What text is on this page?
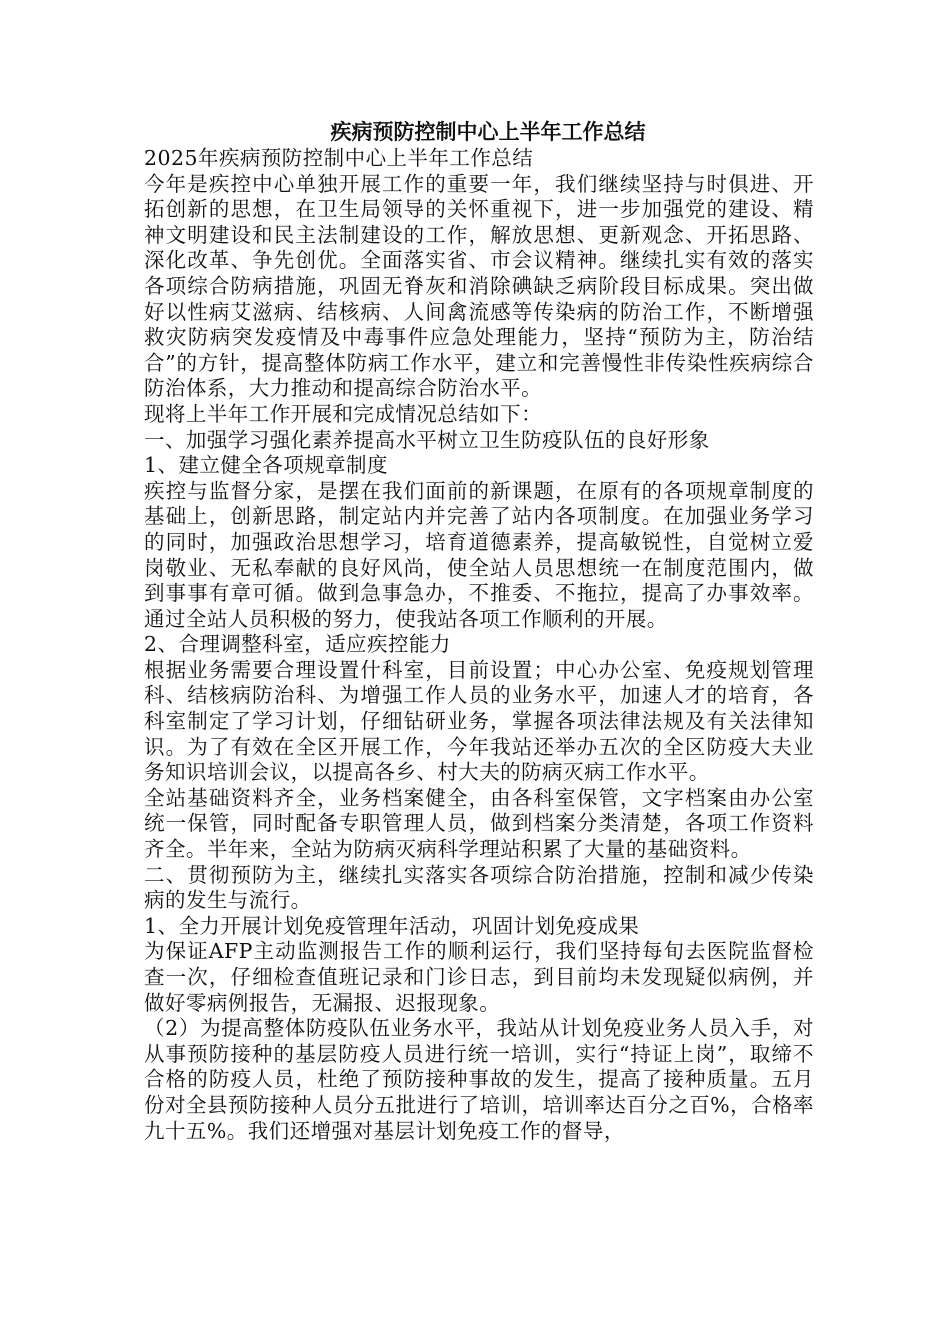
疾病预防控制中心上半年工作总结

2025年疾病预防控制中心上半年工作总结

今年是疾控中心单独开展工作的重要一年，我们继续坚持与时俱进、开拓创新的思想，在卫生局领导的关怀重视下，进一步加强党的建设、精神文明建设和民主法制建设的工作，解放思想、更新观念、开拓思路、深化改革、争先创优。全面落实省、市会议精神。继续扎实有效的落实各项综合防病措施，巩固无脊灰和消除碘缺乏病阶段目标成果。突出做好以性病艾滋病、结核病、人间禽流感等传染病的防治工作，不断增强救灾防病突发疫情及中毒事件应急处理能力，坚持“预防为主，防治结合”的方针，提高整体防病工作水平，建立和完善慢性非传染性疾病综合防治体系，大力推动和提高综合防治水平。

现将上半年工作开展和完成情况总结如下：

一、加强学习强化素养提高水平树立卫生防疫队伍的良好形象

1、建立健全各项规章制度

疾控与监督分家，是摆在我们面前的新课题，在原有的各项规章制度的基础上，创新思路，制定站内并完善了站内各项制度。在加强业务学习的同时，加强政治思想学习，培育道德素养，提高敏锐性，自觉树立爱岗敬业、无私奉献的良好风尚，使全站人员思想统一在制度范围内，做到事事有章可循。做到急事急办，不推委、不拖拉，提高了办事效率。通过全站人员积极的努力，使我站各项工作顺利的开展。

2、合理调整科室，适应疾控能力

根据业务需要合理设置什科室，目前设置；中心办公室、免疫规划管理科、结核病防治科、为增强工作人员的业务水平，加速人才的培育，各科室制定了学习计划，仔细钻研业务，掌握各项法律法规及有关法律知识。为了有效在全区开展工作，今年我站还举办五次的全区防疫大夫业务知识培训会议，以提高各乡、村大夫的防病灭病工作水平。

全站基础资料齐全，业务档案健全，由各科室保管，文字档案由办公室统一保管，同时配备专职管理人员，做到档案分类清楚，各项工作资料齐全。半年来，全站为防病灭病科学理站积累了大量的基础资料。

二、贯彻预防为主，继续扎实落实各项综合防治措施，控制和减少传染病的发生与流行。

1、全力开展计划免疫管理年活动，巩固计划免疫成果

为保证AFP主动监测报告工作的顺利运行，我们坚持每旬去医院监督检查一次，仔细检查值班记录和门诊日志，到目前均未发现疑似病例，并做好零病例报告，无漏报、迟报现象。

（2）为提高整体防疫队伍业务水平，我站从计划免疫业务人员入手，对从事预防接种的基层防疫人员进行统一培训，实行“持证上岗”，取缔不合格的防疫人员，杜绝了预防接种事故的发生，提高了接种质量。五月份对全县预防接种人员分五批进行了培训，培训率达百分之百%，合格率九十五%。我们还增强对基层计划免疫工作的督导，
